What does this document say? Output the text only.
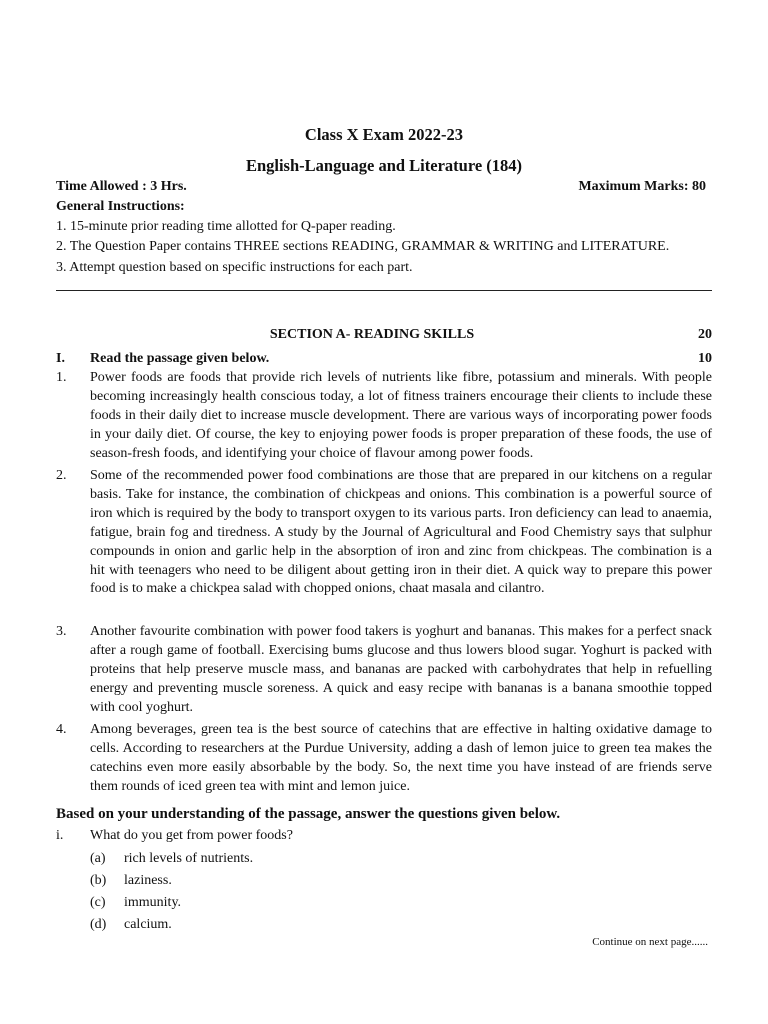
Class X Exam 2022-23
English-Language and Literature (184)
Time Allowed : 3 Hrs.	Maximum Marks: 80
General Instructions:
1. 15-minute prior reading time allotted for Q-paper reading.
2. The Question Paper contains THREE sections READING, GRAMMAR & WRITING and LITERATURE.
3. Attempt question based on specific instructions for each part.
SECTION A- READING SKILLS	20
I. Read the passage given below.	10
1. Power foods are foods that provide rich levels of nutrients like fibre, potassium and minerals. With people becoming increasingly health conscious today, a lot of fitness trainers encourage their clients to include these foods in their daily diet to increase muscle development. There are various ways of incorporating power foods in your daily diet. Of course, the key to enjoying power foods is proper preparation of these foods, the use of season-fresh foods, and identifying your choice of flavour among power foods.
2. Some of the recommended power food combinations are those that are prepared in our kitchens on a regular basis. Take for instance, the combination of chickpeas and onions. This combination is a powerful source of iron which is required by the body to transport oxygen to its various parts. Iron deficiency can lead to anaemia, fatigue, brain fog and tiredness. A study by the Journal of Agricultural and Food Chemistry says that sulphur compounds in onion and garlic help in the absorption of iron and zinc from chickpeas. The combination is a hit with teenagers who need to be diligent about getting iron in their diet. A quick way to prepare this power food is to make a chickpea salad with chopped onions, chaat masala and cilantro.
3. Another favourite combination with power food takers is yoghurt and bananas. This makes for a perfect snack after a rough game of football. Exercising bums glucose and thus lowers blood sugar. Yoghurt is packed with proteins that help preserve muscle mass, and bananas are packed with carbohydrates that help in refuelling energy and preventing muscle soreness. A quick and easy recipe with bananas is a banana smoothie topped with cool yoghurt.
4. Among beverages, green tea is the best source of catechins that are effective in halting oxidative damage to cells. According to researchers at the Purdue University, adding a dash of lemon juice to green tea makes the catechins even more easily absorbable by the body. So, the next time you have instead of are friends serve them rounds of iced green tea with mint and lemon juice.
Based on your understanding of the passage, answer the questions given below.
i. What do you get from power foods?
(a) rich levels of nutrients.
(b) laziness.
(c) immunity.
(d) calcium.
Continue on next page......
